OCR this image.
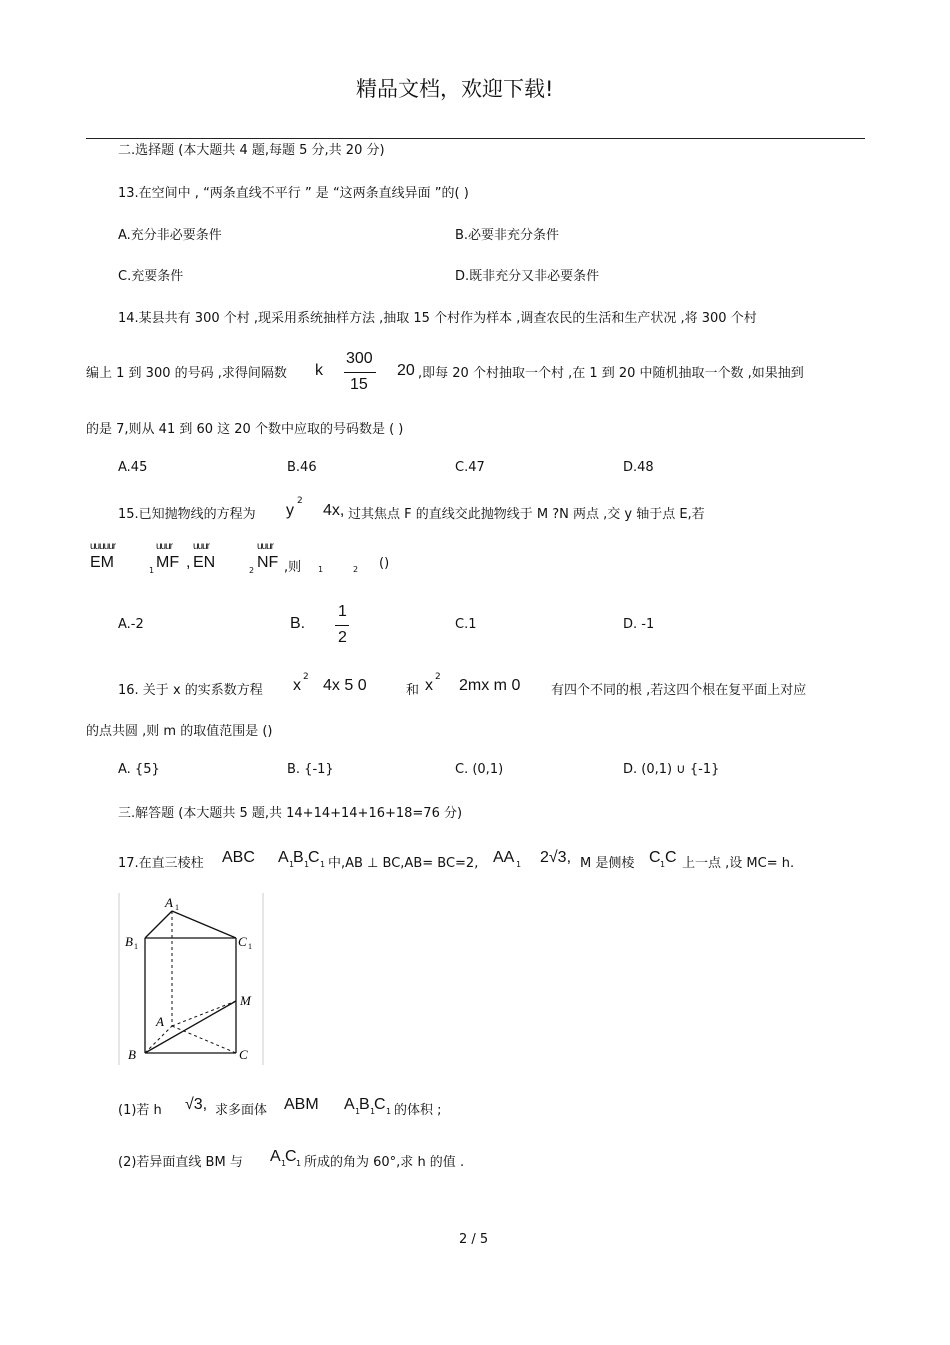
精品文档，欢迎下载!
二.选择题 (本大题共 4 题,每题 5 分,共 20 分)
13.在空间中 , “两条直线不平行 ” 是 “这两条直线异面 ”的( )
A.充分非必要条件	B.必要非充分条件
C.充要条件	D.既非充分又非必要条件
14.某县共有 300 个村 ,现采用系统抽样方法 ,抽取 15 个村作为样本 ,调查农民的生活和生产状况 ,将 300 个村
编上 1 到 300 的号码 ,求得间隔数 k
300
15
20 ,即每 20 个村抽取一个村 ,在 1 到 20 中随机抽取一个数 ,如果抽到
的是 7,则从 41 到 60 这 20 个数中应取的号码数是 ( )
A.45	B.46	C.47	D.48
15.已知抛物线的方程为 y
2
4x, 过其焦点 F 的直线交此抛物线于 M ?N 两点 ,交 y 轴于点 E,若
uuuuur
EM	1
uuur
MF ,
uuur
EN	2
uuur
NF ,则 1	2 ()
A.-2	B.
1
2
C.1	D. -1
16. 关于 x 的实系数方程 x 2 4x 5 0	和 x 2 2mx m 0 有四个不同的根 ,若这四个根在复平面上对应
的点共圆 ,则 m 的取值范围是 ()
A. {5}	B. {-1}	C. (0,1)	D. (0,1) ∪ {-1}
三.解答题 (本大题共 5 题,共 14+14+14+16+18=76 分)
17.在直三棱柱 ABC A 1
B 1
C 1 中,AB ⊥ BC,AB= BC=2, AA 1 2√3, M 是侧棱 C 1 C 上一点 ,设 MC= h.
A 1
B 1	C 1
M
A
B	C
(1)若 h √3, 求多面体 ABM A 1
B 1
C 1 的体积 ;
(2)若异面直线 BM 与 A 1
C 1 所成的角为 60°,求 h 的值 .
2 / 5
